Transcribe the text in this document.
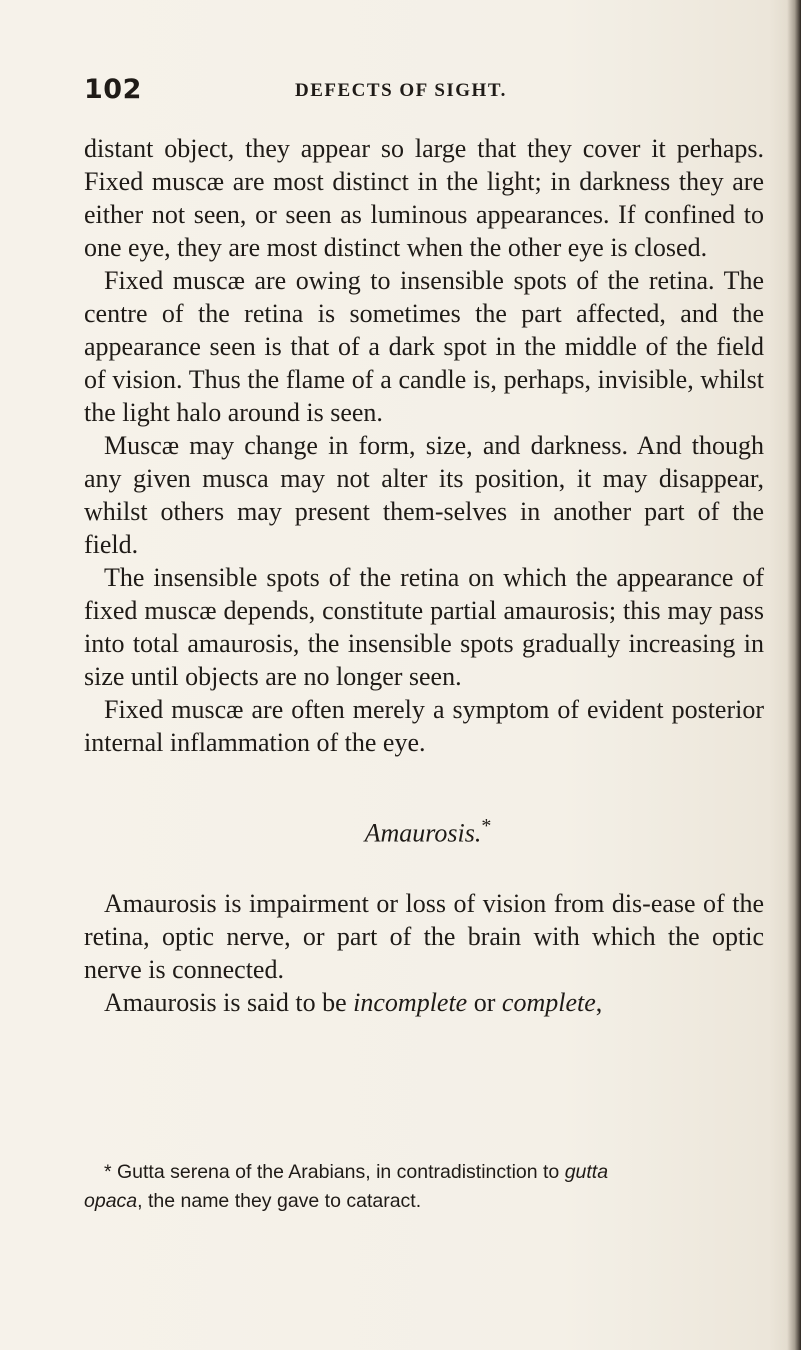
102	DEFECTS OF SIGHT.

distant object, they appear so large that they cover it perhaps. Fixed muscæ are most distinct in the light; in darkness they are either not seen, or seen as luminous appearances. If confined to one eye, they are most distinct when the other eye is closed.

Fixed muscæ are owing to insensible spots of the retina. The centre of the retina is sometimes the part affected, and the appearance seen is that of a dark spot in the middle of the field of vision. Thus the flame of a candle is, perhaps, invisible, whilst the light halo around is seen.

Muscæ may change in form, size, and darkness. And though any given musca may not alter its position, it may disappear, whilst others may present them-selves in another part of the field.

The insensible spots of the retina on which the appearance of fixed muscæ depends, constitute partial amaurosis; this may pass into total amaurosis, the insensible spots gradually increasing in size until objects are no longer seen.

Fixed muscæ are often merely a symptom of evident posterior internal inflammation of the eye.

Amaurosis.*

Amaurosis is impairment or loss of vision from dis-ease of the retina, optic nerve, or part of the brain with which the optic nerve is connected.

Amaurosis is said to be incomplete or complete,

* Gutta serena of the Arabians, in contradistinction to gutta
opaca, the name they gave to cataract.
